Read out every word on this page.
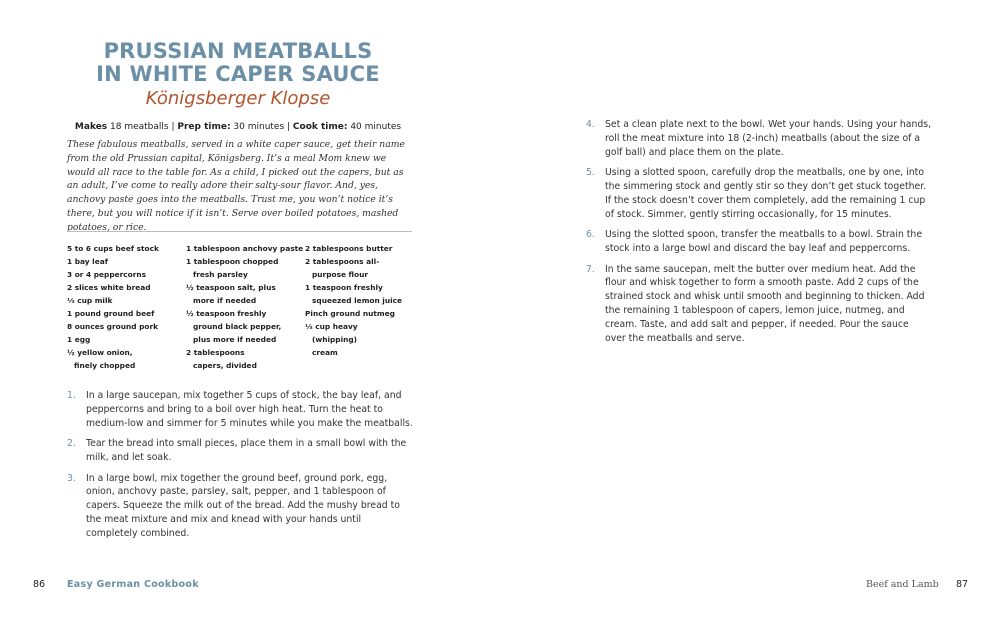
PRUSSIAN MEATBALLS
IN WHITE CAPER SAUCE
Königsberger Klopse
Makes 18 meatballs | Prep time: 30 minutes | Cook time: 40 minutes

These fabulous meatballs, served in a white caper sauce, get their name from the old Prussian capital, Königsberg. It’s a meal Mom knew we would all race to the table for. As a child, I picked out the capers, but as an adult, I’ve come to really adore their salty-sour flavor. And, yes, anchovy paste goes into the meatballs. Trust me, you won’t notice it’s there, but you will notice if it isn’t. Serve over boiled potatoes, mashed potatoes, or rice.

5 to 6 cups beef stock
1 bay leaf
3 or 4 peppercorns
2 slices white bread
⅓ cup milk
1 pound ground beef
8 ounces ground pork
1 egg
½ yellow onion, finely chopped
1 tablespoon anchovy paste
1 tablespoon chopped fresh parsley
½ teaspoon salt, plus more if needed
½ teaspoon freshly ground black pepper, plus more if needed
2 tablespoons capers, divided
2 tablespoons butter
2 tablespoons all-purpose flour
1 teaspoon freshly squeezed lemon juice
Pinch ground nutmeg
⅓ cup heavy (whipping) cream
1.	In a large saucepan, mix together 5 cups of stock, the bay leaf, and peppercorns and bring to a boil over high heat. Turn the heat to medium-low and simmer for 5 minutes while you make the meatballs.
2.	Tear the bread into small pieces, place them in a small bowl with the milk, and let soak.
3.	In a large bowl, mix together the ground beef, ground pork, egg, onion, anchovy paste, parsley, salt, pepper, and 1 tablespoon of capers. Squeeze the milk out of the bread. Add the mushy bread to the meat mixture and mix and knead with your hands until completely combined.
86 Easy German Cookbook
4.	Set a clean plate next to the bowl. Wet your hands. Using your hands, roll the meat mixture into 18 (2-inch) meatballs (about the size of a golf ball) and place them on the plate.
5.	Using a slotted spoon, carefully drop the meatballs, one by one, into the simmering stock and gently stir so they don’t get stuck together. If the stock doesn’t cover them completely, add the remaining 1 cup of stock. Simmer, gently stirring occasionally, for 15 minutes.
6.	Using the slotted spoon, transfer the meatballs to a bowl. Strain the stock into a large bowl and discard the bay leaf and peppercorns.
7.	In the same saucepan, melt the butter over medium heat. Add the flour and whisk together to form a smooth paste. Add 2 cups of the strained stock and whisk until smooth and beginning to thicken. Add the remaining 1 tablespoon of capers, lemon juice, nutmeg, and cream. Taste, and add salt and pepper, if needed. Pour the sauce over the meatballs and serve.
Beef and Lamb 87
